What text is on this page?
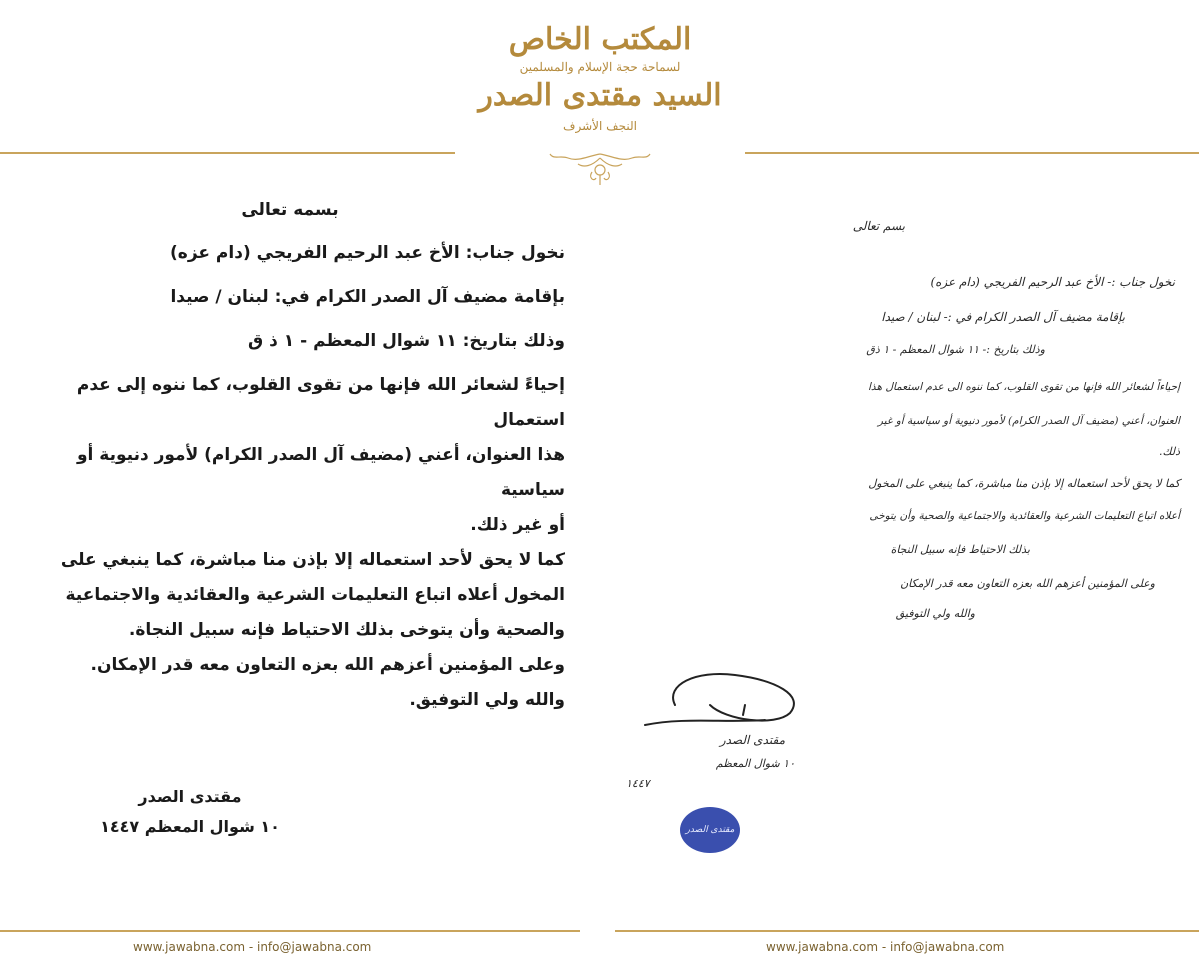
المكتب الخاص
لسماحة حجة الإسلام والمسلمين
السيد مقتدى الصدر
النجف الأشرف
بسمه تعالى

نخول جناب: الأخ عبد الرحيم الفريجي (دام عزه)

بإقامة مضيف آل الصدر الكرام في: لبنان / صيدا

وذلك بتاريخ: ١١ شوال المعظم - ١ ذ ق

إحياءً لشعائر الله فإنها من تقوى القلوب، كما ننوه إلى عدم استعمال

هذا العنوان، أعني (مضيف آل الصدر الكرام) لأمور دنيوية أو سياسية

أو غير ذلك.

كما لا يحق لأحد استعماله إلا بإذن منا مباشرة، كما ينبغي على

المخول أعلاه اتباع التعليمات الشرعية والعقائدية والاجتماعية

والصحية وأن يتوخى بذلك الاحتياط فإنه سبيل النجاة.

وعلى المؤمنين أعزهم الله بعزه التعاون معه قدر الإمكان.

والله ولي التوفيق.

مقتدى الصدر
١٠ شوال المعظم ١٤٤٧
بسم تعالى
نخول جناب :- الأخ عبد الرحيم الفريجي (دام عزه)
بإقامة مضيف آل الصدر الكرام في :- لبنان / صيدا
وذلك بتاريخ :- ١١ شوال المعظم - ١ ذق
إحياءاً لشعائر الله فإنها من تقوى القلوب، كما ننوه الى عدم استعمال هذا
العنوان، أعني (مضيف آل الصدر الكرام) لأمور دنيوية أو سياسية أو غير
ذلك.
كما لا يحق لأحد استعماله إلا بإذن منا مباشرة، كما ينبغي على المخول
أعلاه اتباع التعليمات الشرعية والعقائدية والاجتماعية والصحية وأن يتوخى
بذلك الاحتياط فإنه سبيل النجاة
وعلى المؤمنين أعزهم الله بعزه التعاون معه قدر الإمكان
والله ولي التوفيق
مقتدى الصدر
١٠ شوال المعظم
١٤٤٧
مقتدى الصدر
www.jawabna.com - info@jawabna.com	www.jawabna.com - info@jawabna.com
